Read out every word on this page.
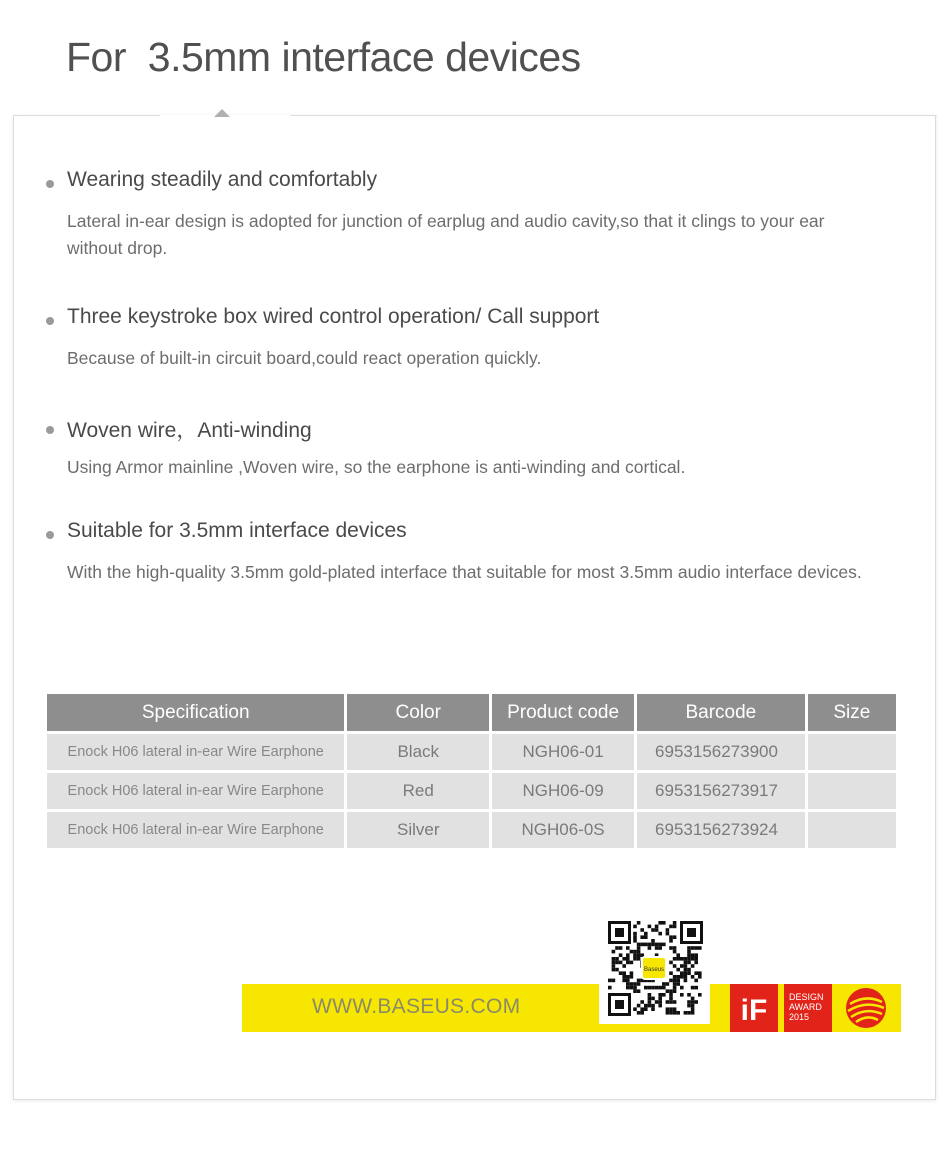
For  3.5mm interface devices
Wearing steadily and comfortably
Lateral in-ear design is adopted for junction of earplug and audio cavity,so that it clings to your ear without drop.
Three keystroke box wired control operation/ Call support
Because of built-in circuit board,could react operation quickly.
Woven wire，Anti-winding
Using Armor mainline ,Woven wire, so the earphone is anti-winding and cortical.
Suitable for 3.5mm interface devices
With the high-quality 3.5mm gold-plated interface that suitable for most 3.5mm audio interface devices.
Specification	Color	Product code	Barcode	Size
Enock H06 lateral in-ear Wire Earphone	Black	NGH06-01	6953156273900	
Enock H06 lateral in-ear Wire Earphone	Red	NGH06-09	6953156273917	
Enock H06 lateral in-ear Wire Earphone	Silver	NGH06-0S	6953156273924	
WWW.BASEUS.COM
Baseus
iF DESIGN
AWARD
2015
